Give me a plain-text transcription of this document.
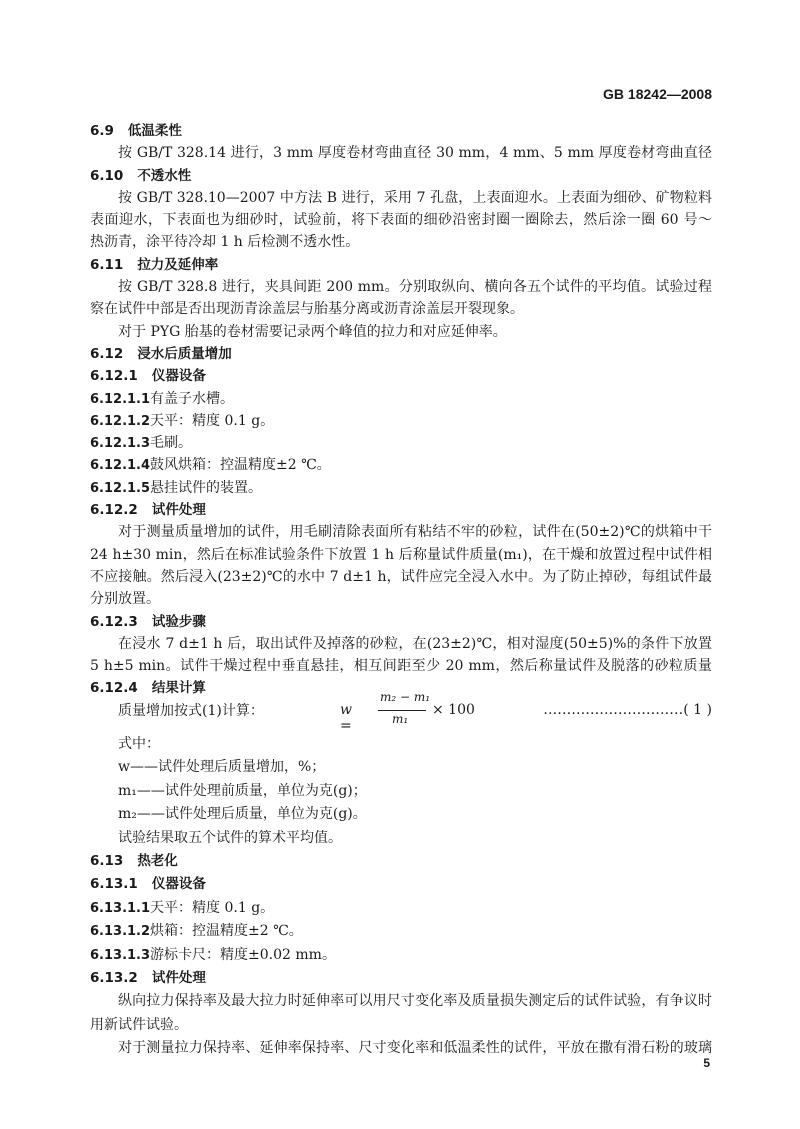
GB 18242—2008
6.9 低温柔性
按 GB/T 328.14 进行，3 mm 厚度卷材弯曲直径 30 mm，4 mm、5 mm 厚度卷材弯曲直径
6.10 不透水性
按 GB/T 328.10—2007 中方法 B 进行，采用 7 孔盘，上表面迎水。上表面为细砂、矿物粒料
表面迎水，下表面也为细砂时，试验前，将下表面的细砂沿密封圈一圈除去，然后涂一圈 60 号～
热沥青，涂平待冷却 1 h 后检测不透水性。
6.11 拉力及延伸率
按 GB/T 328.8 进行，夹具间距 200 mm。分别取纵向、横向各五个试件的平均值。试验过程
察在试件中部是否出现沥青涂盖层与胎基分离或沥青涂盖层开裂现象。
对于 PYG 胎基的卷材需要记录两个峰值的拉力和对应延伸率。
6.12 浸水后质量增加
6.12.1 仪器设备
6.12.1.1有盖子水槽。
6.12.1.2天平：精度 0.1 g。
6.12.1.3毛刷。
6.12.1.4鼓风烘箱：控温精度±2 ℃。
6.12.1.5悬挂试件的装置。
6.12.2 试件处理
对于测量质量增加的试件，用毛刷清除表面所有粘结不牢的砂粒，试件在(50±2)℃的烘箱中干
24 h±30 min，然后在标准试验条件下放置 1 h 后称量试件质量(m₁)，在干燥和放置过程中试件相
不应接触。然后浸入(23±2)℃的水中 7 d±1 h，试件应完全浸入水中。为了防止掉砂，每组试件最
分别放置。
6.12.3 试验步骤
在浸水 7 d±1 h 后，取出试件及掉落的砂粒，在(23±2)℃，相对湿度(50±5)%的条件下放置
5 h±5 min。试件干燥过程中垂直悬挂，相互间距至少 20 mm，然后称量试件及脱落的砂粒质量
6.12.4 结果计算
质量增加按式(1)计算：	w =
m₂ − m₁
m₁
× 100	…………………………( 1 )
式中：
w——试件处理后质量增加，%；
m₁——试件处理前质量，单位为克(g)；
m₂——试件处理后质量，单位为克(g)。
试验结果取五个试件的算术平均值。
6.13 热老化
6.13.1 仪器设备
6.13.1.1天平：精度 0.1 g。
6.13.1.2烘箱：控温精度±2 ℃。
6.13.1.3游标卡尺：精度±0.02 mm。
6.13.2 试件处理
纵向拉力保持率及最大拉力时延伸率可以用尺寸变化率及质量损失测定后的试件试验，有争议时
用新试件试验。
对于测量拉力保持率、延伸率保持率、尺寸变化率和低温柔性的试件，平放在撒有滑石粉的玻璃
5
